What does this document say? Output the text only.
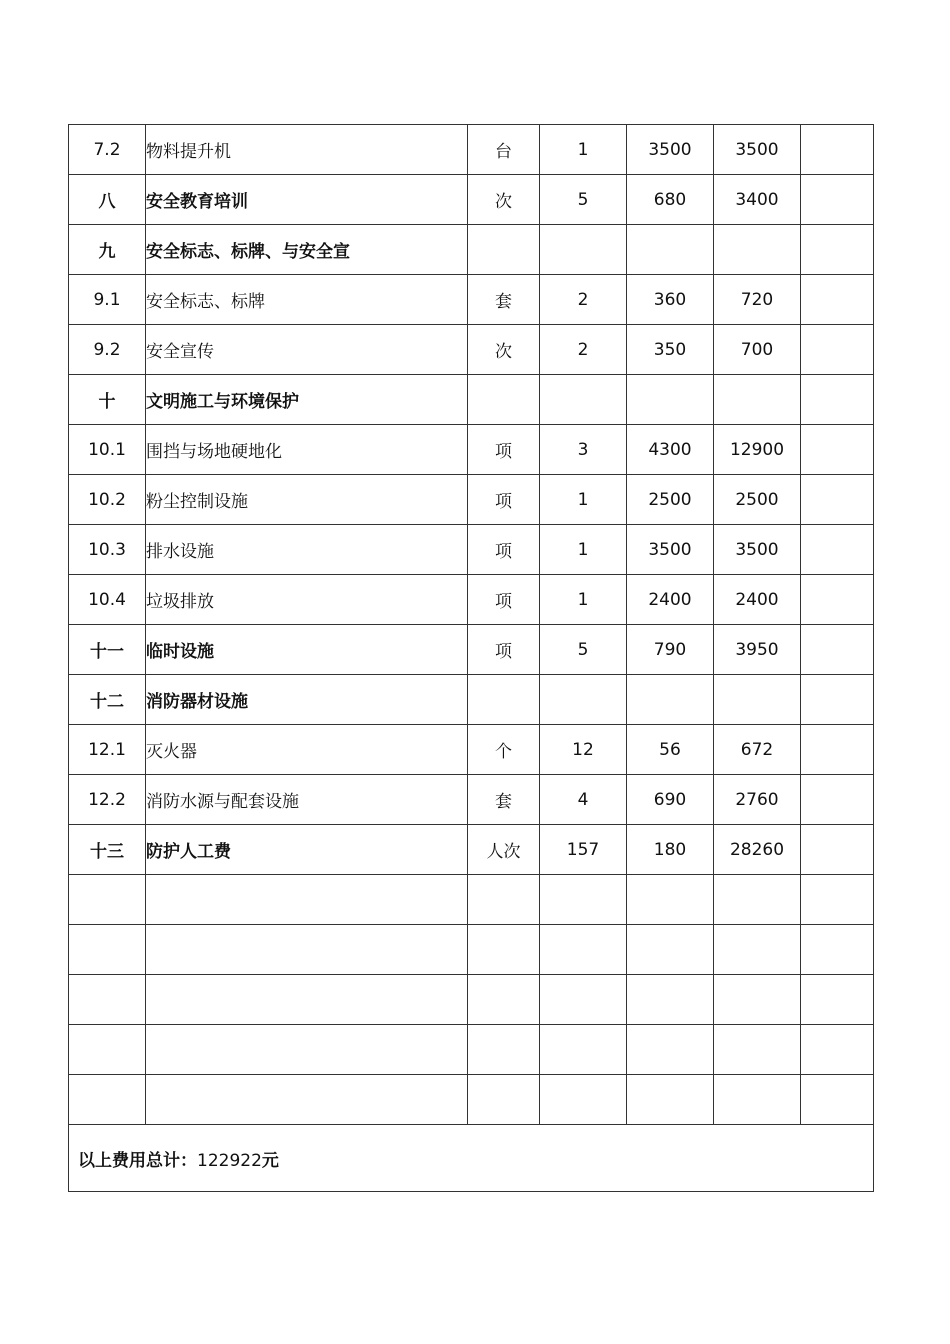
7.2	物料提升机	台	1	3500	3500	
八	安全教育培训	次	5	680	3400	
九	安全标志、标牌、与安全宣					
9.1	安全标志、标牌	套	2	360	720	
9.2	安全宣传	次	2	350	700	
十	文明施工与环境保护					
10.1	围挡与场地硬地化	项	3	4300	12900	
10.2	粉尘控制设施	项	1	2500	2500	
10.3	排水设施	项	1	3500	3500	
10.4	垃圾排放	项	1	2400	2400	
十一	临时设施	项	5	790	3950	
十二	消防器材设施					
12.1	灭火器	个	12	56	672	
12.2	消防水源与配套设施	套	4	690	2760	
十三	防护人工费	人次	157	180	28260	

以上费用总计：122922元						
